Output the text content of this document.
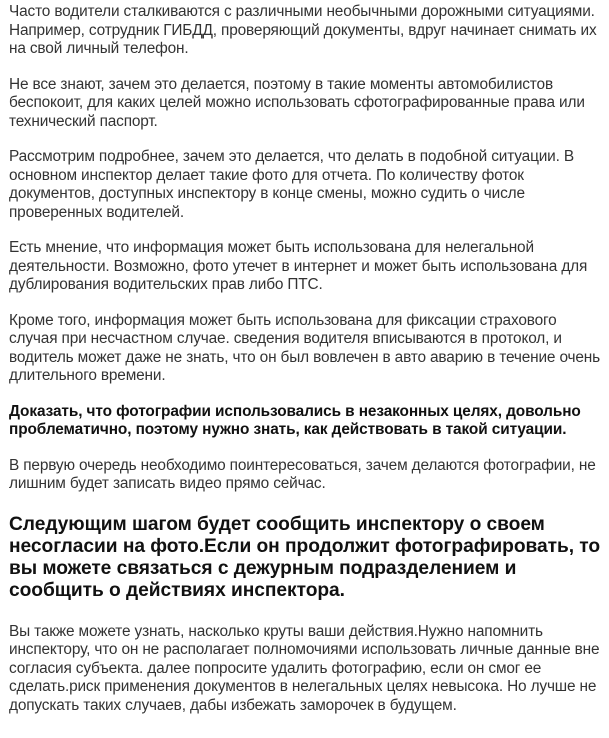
Часто водители сталкиваются с различными необычными дорожными ситуациями. Например, сотрудник ГИБДД, проверяющий документы, вдруг начинает снимать их на свой личный телефон.

Не все знают, зачем это делается, поэтому в такие моменты автомобилистов беспокоит, для каких целей можно использовать сфотографированные права или технический паспорт.

Рассмотрим подробнее, зачем это делается, что делать в подобной ситуации. В основном инспектор делает такие фото для отчета. По количеству фоток документов, доступных инспектору в конце смены, можно судить о числе проверенных водителей.

Есть мнение, что информация может быть использована для нелегальной деятельности. Возможно, фото утечет в интернет и может быть использована для дублирования водительских прав либо ПТС.

Кроме того, информация может быть использована для фиксации страхового случая при несчастном случае. сведения водителя вписываются в протокол, и водитель может даже не знать, что он был вовлечен в авто аварию в течение очень длительного времени.

Доказать, что фотографии использовались в незаконных целях, довольно проблематично, поэтому нужно знать, как действовать в такой ситуации.

В первую очередь необходимо поинтересоваться, зачем делаются фотографии, не лишним будет записать видео прямо сейчас.

Следующим шагом будет сообщить инспектору о своем несогласии на фото.Если он продолжит фотографировать, то вы можете связаться с дежурным подразделением и сообщить о действиях инспектора.

Вы также можете узнать, насколько круты ваши действия.Нужно напомнить инспектору, что он не располагает полномочиями использовать личные данные вне согласия субъекта. далее попросите удалить фотографию, если он смог ее сделать.риск применения документов в нелегальных целях невысока. Но лучше не допускать таких случаев, дабы избежать заморочек в будущем.
